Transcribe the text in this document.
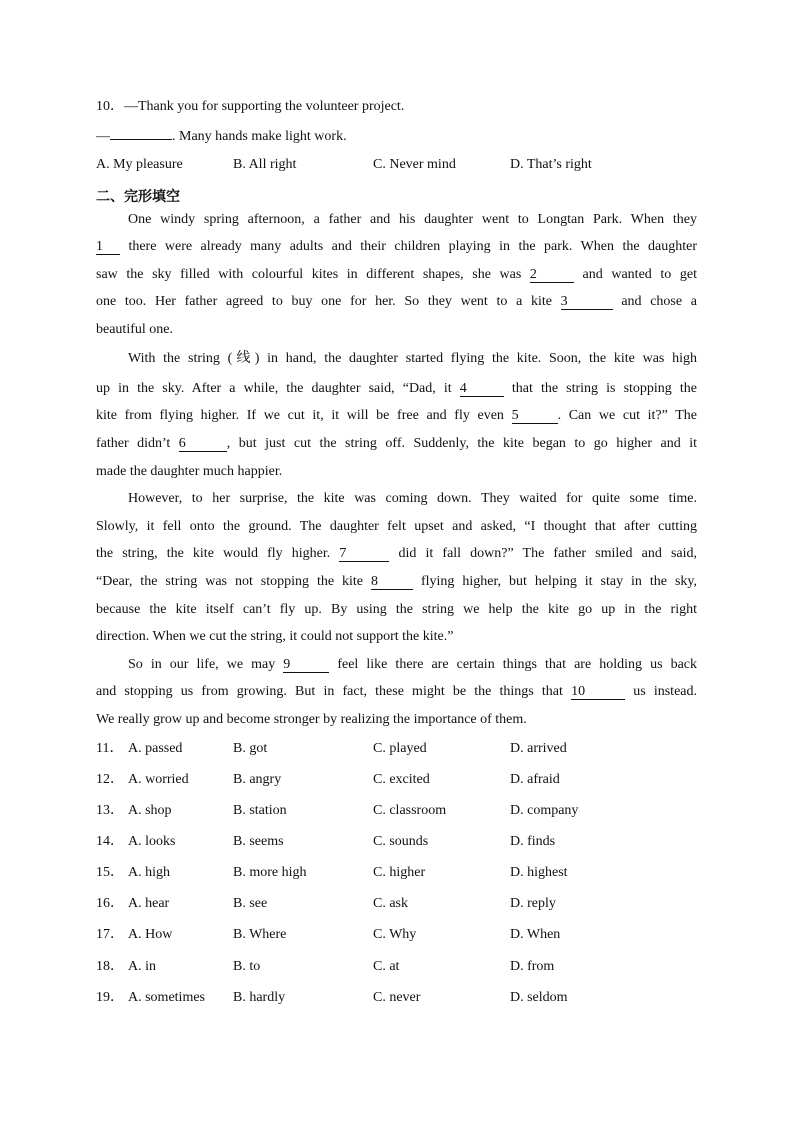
10．—Thank you for supporting the volunteer project.
—	. Many hands make light work.
A. My pleasure	B. All right	C. Never mind	D. That’s right
二、完形填空
One windy spring afternoon, a father and his daughter went to Longtan Park. When they
1 there were already many adults and their children playing in the park. When the daughter
saw the sky filled with colourful kites in different shapes, she was 2	and wanted to get
one too. Her father agreed to buy one for her. So they went to a kite 3	and chose a
beautiful one.
With the string (线) in hand, the daughter started flying the kite. Soon, the kite was high
up in the sky. After a while, the daughter said, “Dad, it 4	that the string is stopping the
kite from flying higher. If we cut it, it will be free and fly even 5	. Can we cut it?” The
father didn’t 6	, but just cut the string off. Suddenly, the kite began to go higher and it
made the daughter much happier.
However, to her surprise, the kite was coming down. They waited for quite some time.
Slowly, it fell onto the ground. The daughter felt upset and asked, “I thought that after cutting
the string, the kite would fly higher. 7	did it fall down?” The father smiled and said,
“Dear, the string was not stopping the kite 8	flying higher, but helping it stay in the sky,
because the kite itself can’t fly up. By using the string we help the kite go up in the right
direction. When we cut the string, it could not support the kite.”
So in our life, we may 9	feel like there are certain things that are holding us back
and stopping us from growing. But in fact, these might be the things that 10	us instead.
We really grow up and become stronger by realizing the importance of them.
11． A. passed	B. got	C. played	D. arrived
12． A. worried	B. angry	C. excited	D. afraid
13． A. shop	B. station	C. classroom	D. company
14． A. looks	B. seems	C. sounds	D. finds
15． A. high	B. more high	C. higher	D. highest
16． A. hear	B. see	C. ask	D. reply
17． A. How	B. Where	C. Why	D. When
18． A. in	B. to	C. at	D. from
19． A. sometimes B. hardly	C. never	D. seldom
